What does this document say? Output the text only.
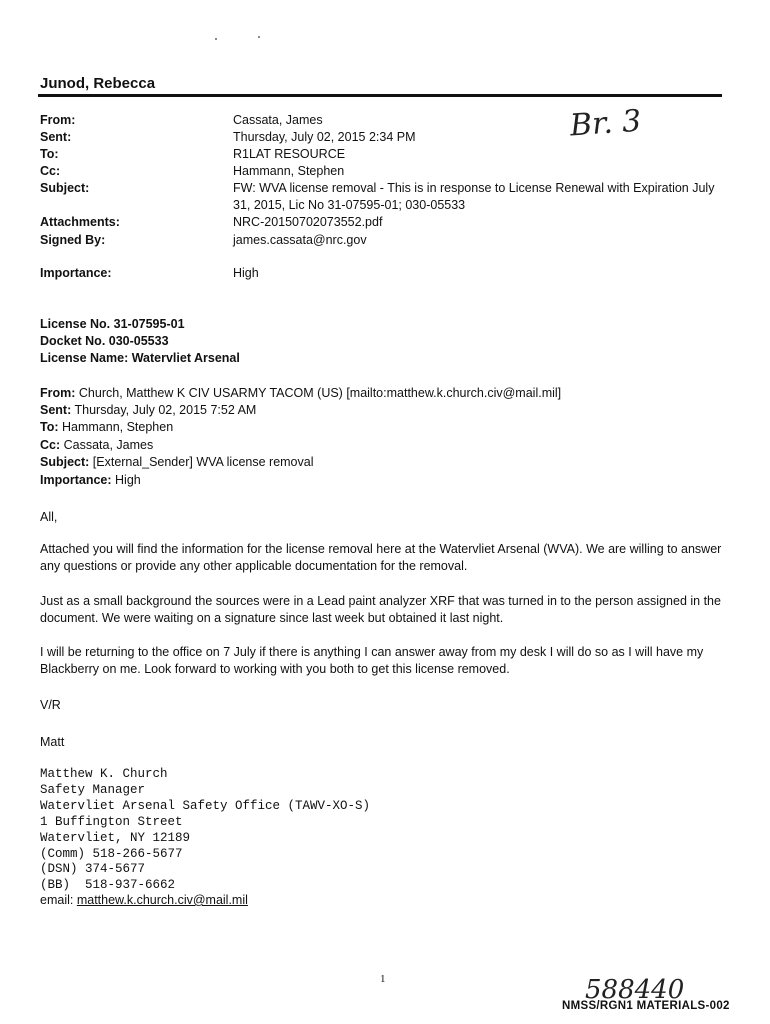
Junod, Rebecca
From:	Cassata, James
Sent:	Thursday, July 02, 2015 2:34 PM
To:	R1LAT RESOURCE
Cc:	Hammann, Stephen
Subject:	FW: WVA license removal - This is in response to License Renewal with Expiration July
31, 2015, Lic No 31-07595-01; 030-05533
Attachments:	NRC-20150702073552.pdf
Signed By:	james.cassata@nrc.gov
Importance:	High
Br. 3
License No. 31-07595-01
Docket No. 030-05533
License Name: Watervliet Arsenal
From: Church, Matthew K CIV USARMY TACOM (US) [mailto:matthew.k.church.civ@mail.mil]
Sent: Thursday, July 02, 2015 7:52 AM
To: Hammann, Stephen
Cc: Cassata, James
Subject: [External_Sender] WVA license removal
Importance: High
All,
Attached you will find the information for the license removal here at the Watervliet Arsenal (WVA). We are willing to answer any questions or provide any other applicable documentation for the removal.
Just as a small background the sources were in a Lead paint analyzer XRF that was turned in to the person assigned in the document. We were waiting on a signature since last week but obtained it last night.
I will be returning to the office on 7 July if there is anything I can answer away from my desk I will do so as I will have my Blackberry on me. Look forward to working with you both to get this license removed.
V/R
Matt
Matthew K. Church
Safety Manager
Watervliet Arsenal Safety Office (TAWV-XO-S)
1 Buffington Street
Watervliet, NY 12189
(Comm) 518-266-5677
(DSN) 374-5677
(BB)  518-937-6662
email: matthew.k.church.civ@mail.mil
1	588440
NMSS/RGN1 MATERIALS-002
